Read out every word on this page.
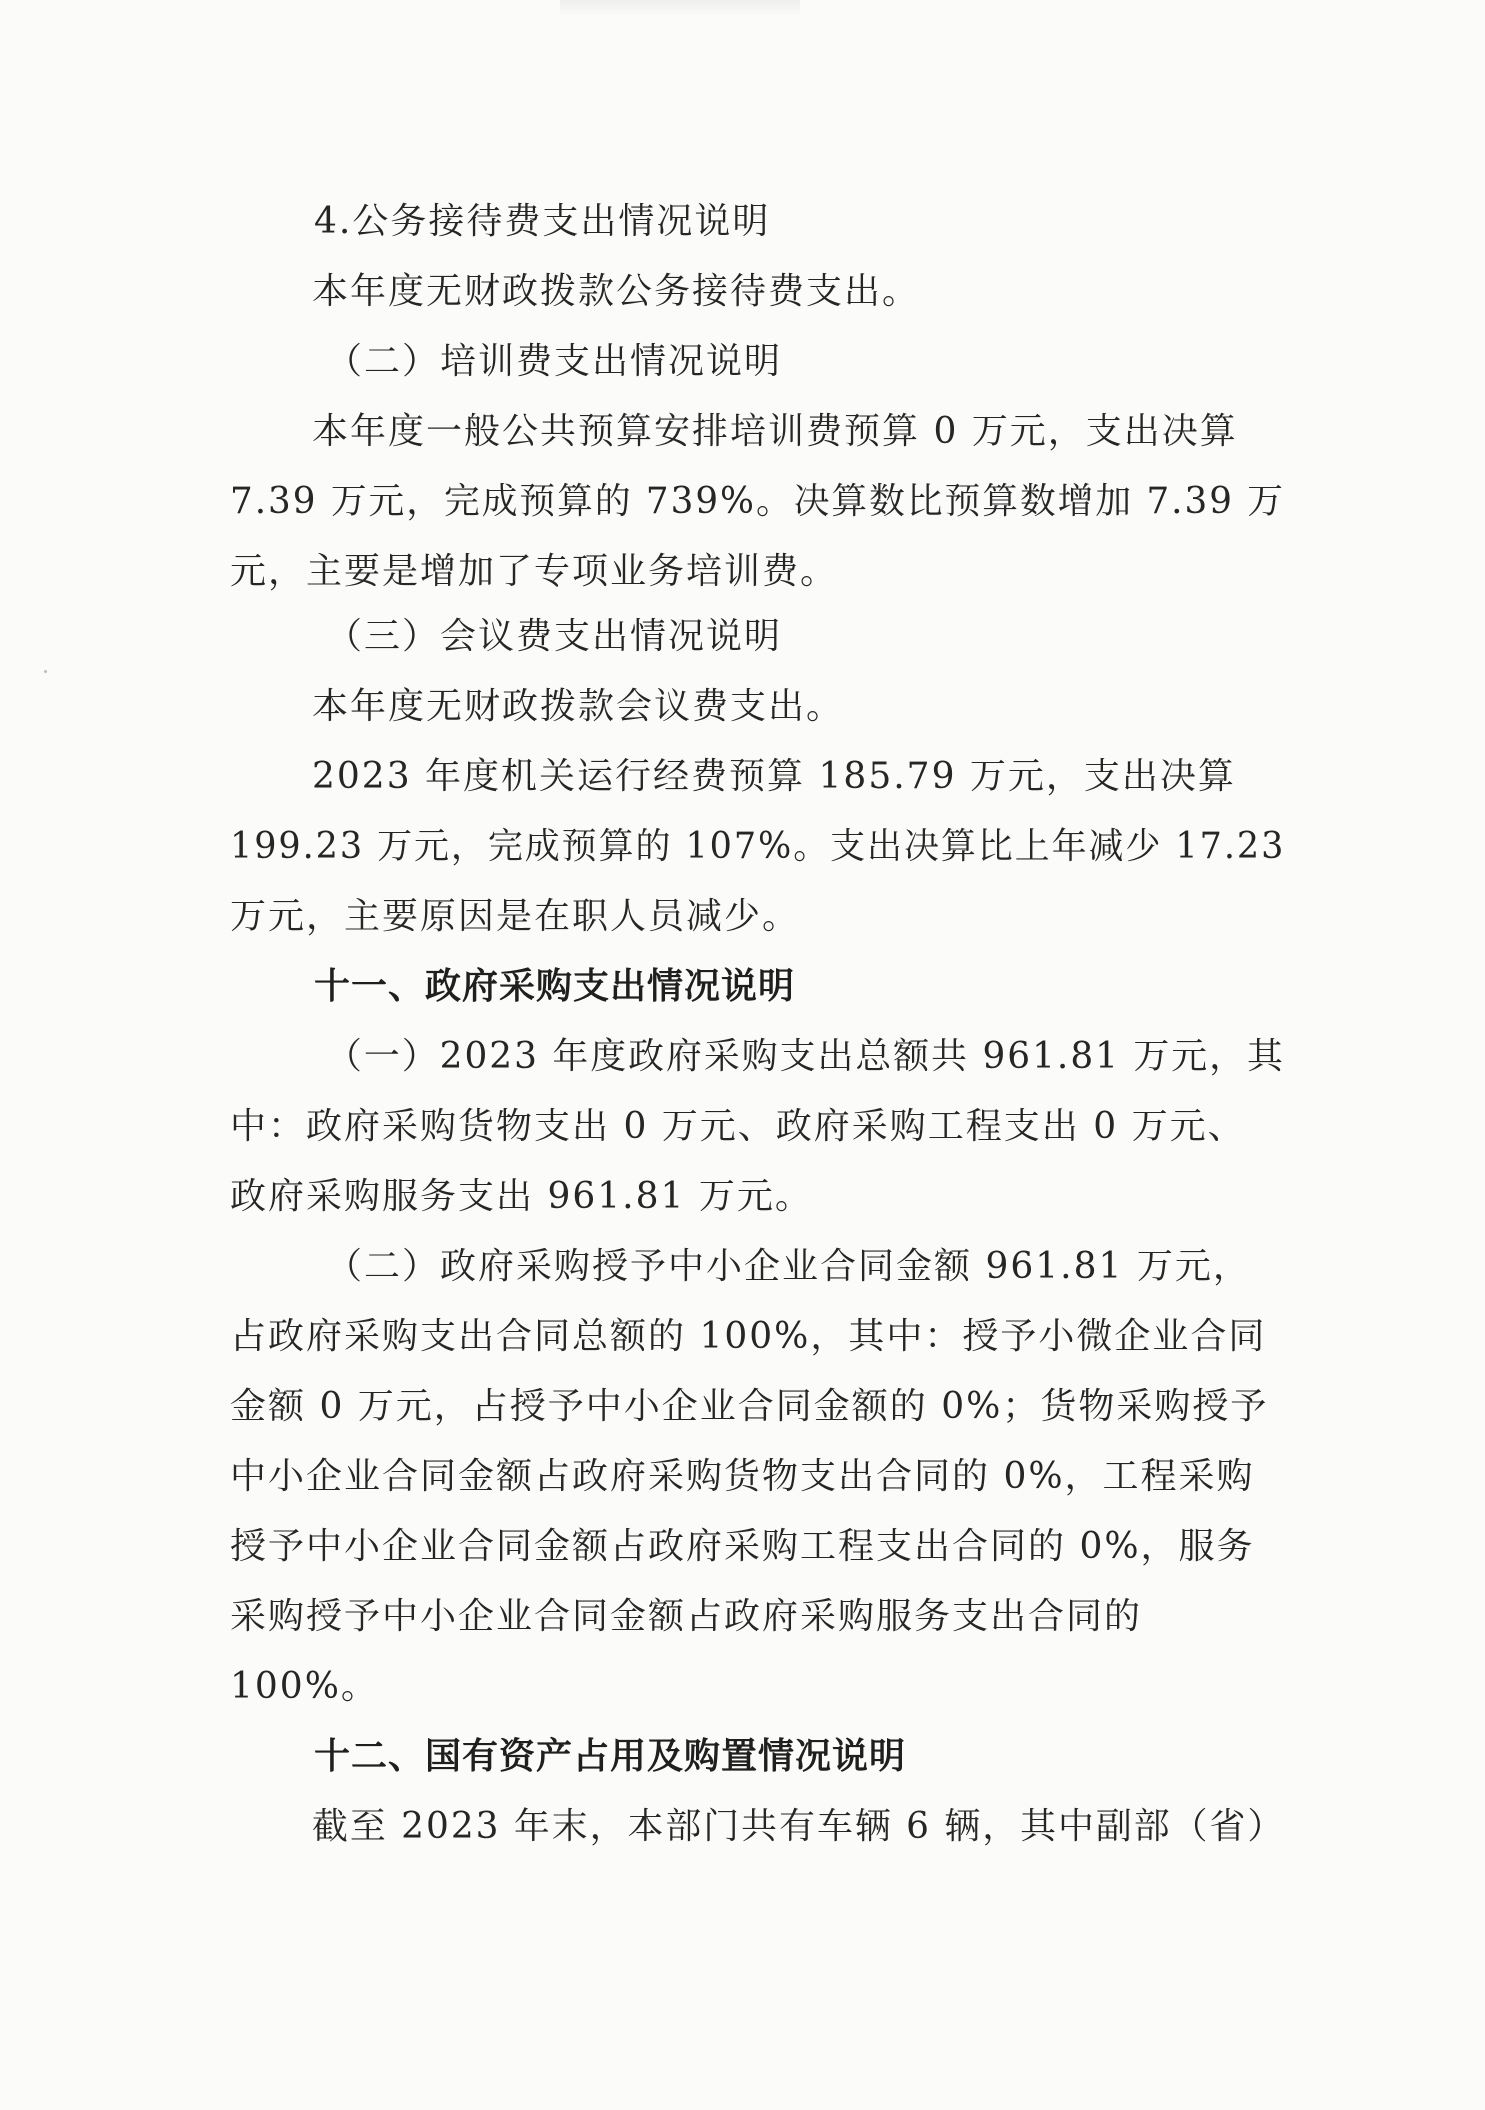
4.公务接待费支出情况说明
本年度无财政拨款公务接待费支出。
（二）培训费支出情况说明
本年度一般公共预算安排培训费预算 0 万元，支出决算
7.39 万元，完成预算的 739%。决算数比预算数增加 7.39 万
元，主要是增加了专项业务培训费。
（三）会议费支出情况说明
本年度无财政拨款会议费支出。
2023 年度机关运行经费预算 185.79 万元，支出决算
199.23 万元，完成预算的 107%。支出决算比上年减少 17.23
万元，主要原因是在职人员减少。
十一、政府采购支出情况说明
（一）2023 年度政府采购支出总额共 961.81 万元，其
中：政府采购货物支出 0 万元、政府采购工程支出 0 万元、
政府采购服务支出 961.81 万元。
（二）政府采购授予中小企业合同金额 961.81 万元，
占政府采购支出合同总额的 100%，其中：授予小微企业合同
金额 0 万元，占授予中小企业合同金额的 0%；货物采购授予
中小企业合同金额占政府采购货物支出合同的 0%，工程采购
授予中小企业合同金额占政府采购工程支出合同的 0%，服务
采购授予中小企业合同金额占政府采购服务支出合同的
100%。
十二、国有资产占用及购置情况说明
截至 2023 年末，本部门共有车辆 6 辆，其中副部（省）
